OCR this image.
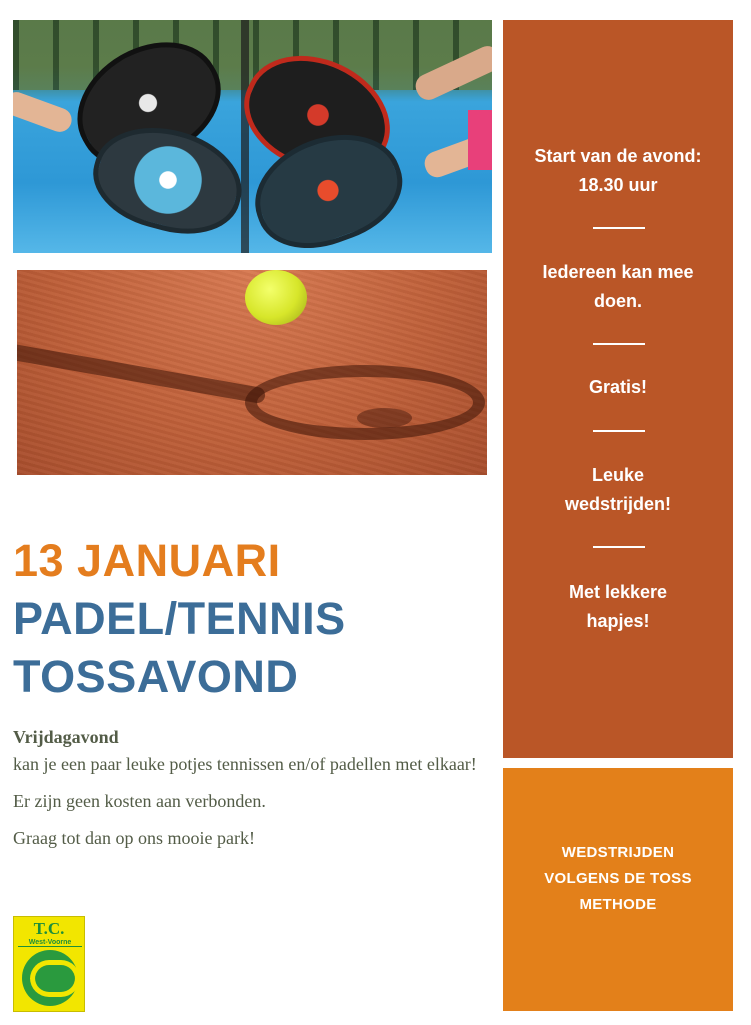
13 JANUARI
PADEL/TENNIS
TOSSAVOND
Vrijdagavond

kan je een paar leuke potjes tennissen en/of padellen met elkaar!

Er zijn geen kosten aan verbonden.

Graag tot dan op ons mooie park!

T.C.
West-Voorne
Start van de avond: 18.30 uur
Iedereen kan mee doen.
Gratis!
Leuke wedstrijden!
Met lekkere hapjes!
WEDSTRIJDEN VOLGENS DE TOSS METHODE
